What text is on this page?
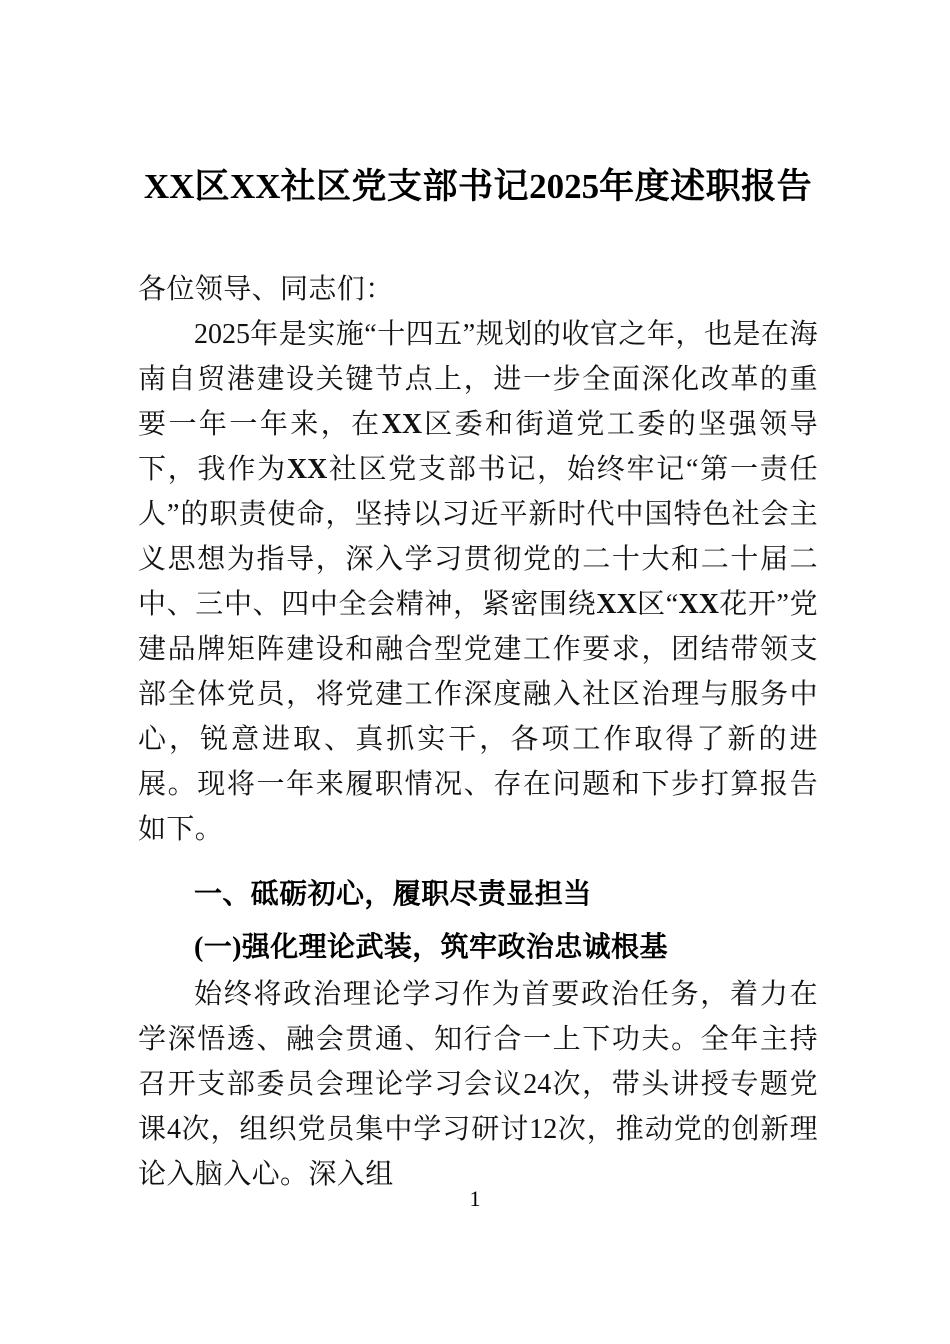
XX区XX社区党支部书记2025年度述职报告

各位领导、同志们：

2025年是实施“十四五”规划的收官之年，也是在海南自贸港建设关键节点上，进一步全面深化改革的重要一年一年来，在XX区委和街道党工委的坚强领导下，我作为XX社区党支部书记，始终牢记“第一责任人”的职责使命，坚持以习近平新时代中国特色社会主义思想为指导，深入学习贯彻党的二十大和二十届二中、三中、四中全会精神，紧密围绕XX区“XX花开”党建品牌矩阵建设和融合型党建工作要求，团结带领支部全体党员，将党建工作深度融入社区治理与服务中心，锐意进取、真抓实干，各项工作取得了新的进展。现将一年来履职情况、存在问题和下步打算报告如下。

一、砥砺初心，履职尽责显担当
(一)强化理论武装，筑牢政治忠诚根基

始终将政治理论学习作为首要政治任务，着力在学深悟透、融会贯通、知行合一上下功夫。全年主持召开支部委员会理论学习会议24次，带头讲授专题党课4次，组织党员集中学习研讨12次，推动党的创新理论入脑入心。深入组

1
